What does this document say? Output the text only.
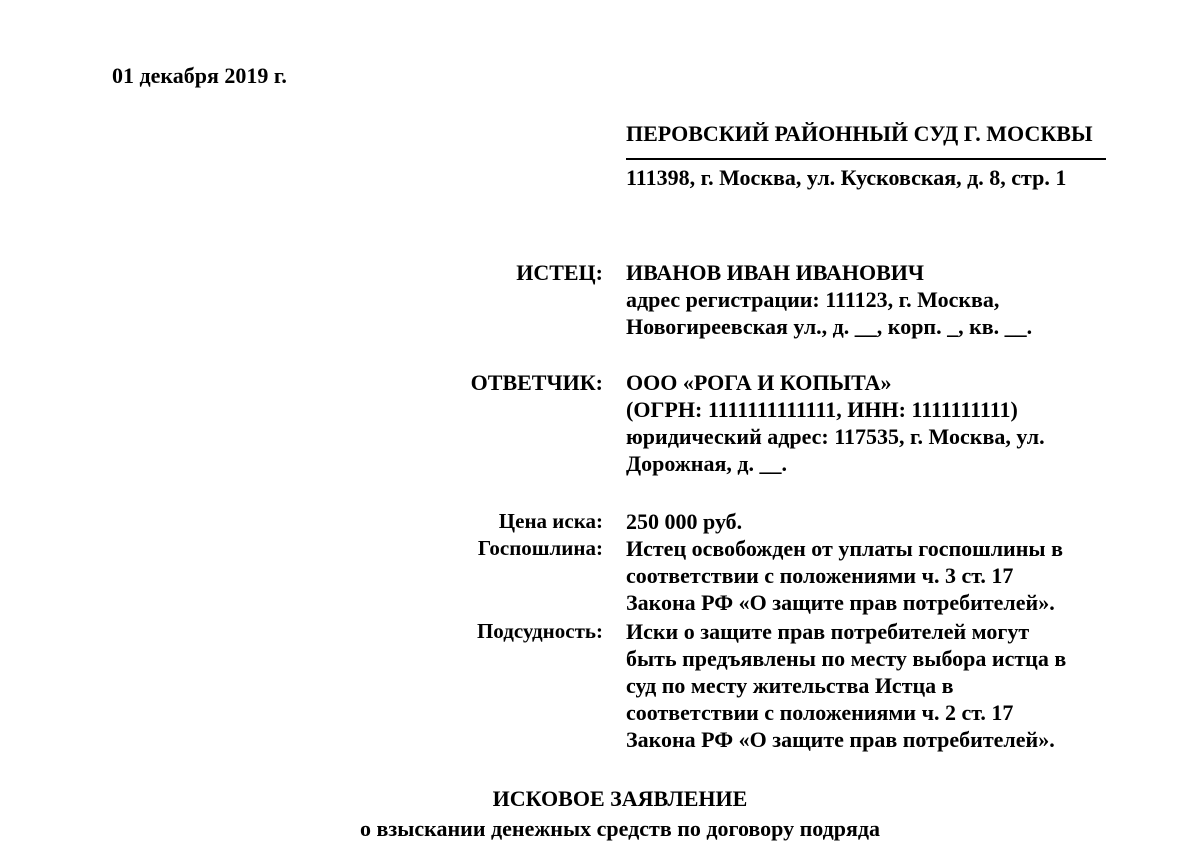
01 декабря 2019 г.
ПЕРОВСКИЙ РАЙОННЫЙ СУД Г. МОСКВЫ
111398, г. Москва, ул. Кусковская, д. 8, стр. 1
ИСТЕЦ: ИВАНОВ ИВАН ИВАНОВИЧ
адрес регистрации: 111123, г. Москва,
Новогиреевская ул., д. __, корп. _, кв. __.
ОТВЕТЧИК: ООО «РОГА И КОПЫТА»
(ОГРН: 1111111111111, ИНН: 1111111111)
юридический адрес: 117535, г. Москва, ул.
Дорожная, д. __.
Цена иска: 250 000 руб.
Госпошлина: Истец освобожден от уплаты госпошлины в
соответствии с положениями ч. 3 ст. 17
Закона РФ «О защите прав потребителей».
Подсудность: Иски о защите прав потребителей могут
быть предъявлены по месту выбора истца в
суд по месту жительства Истца в
соответствии с положениями ч. 2 ст. 17
Закона РФ «О защите прав потребителей».
ИСКОВОЕ ЗАЯВЛЕНИЕ
о взыскании денежных средств по договору подряда
